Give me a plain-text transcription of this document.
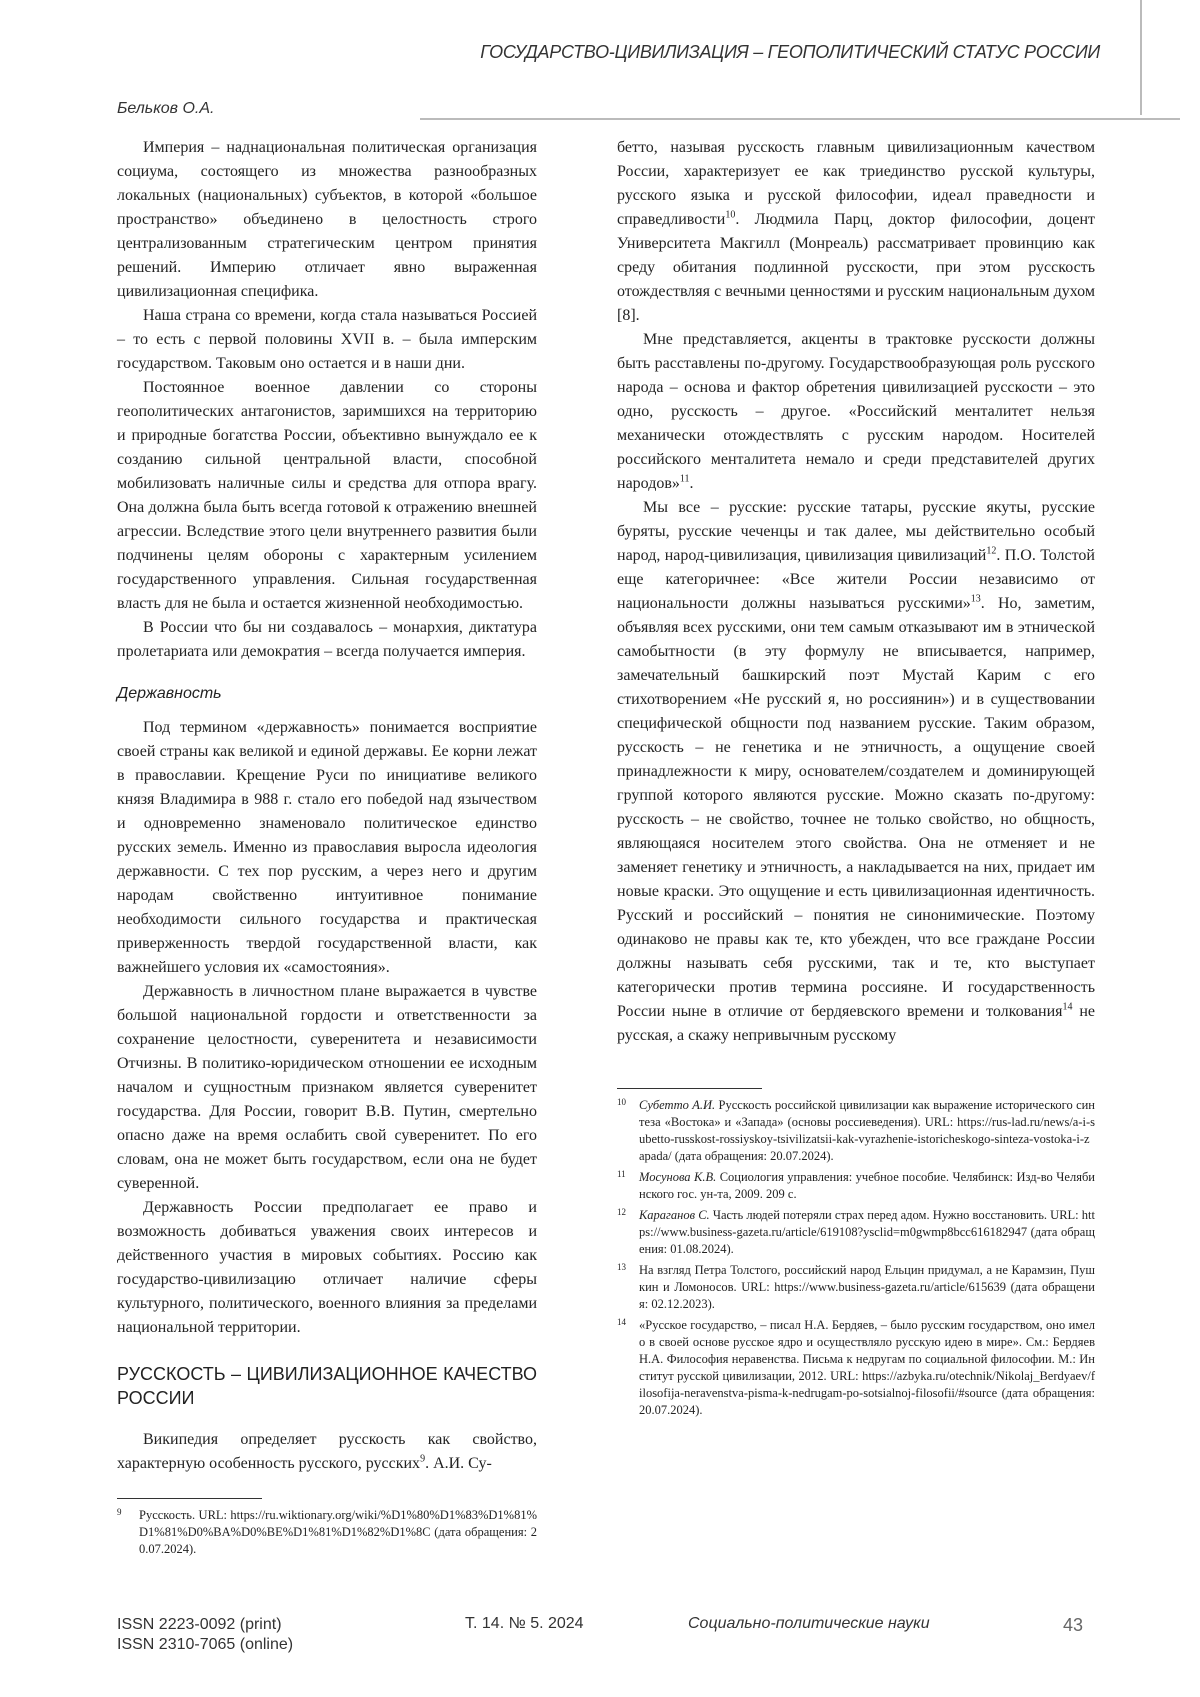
ГОСУДАРСТВО-ЦИВИЛИЗАЦИЯ – ГЕОПОЛИТИЧЕСКИЙ СТАТУС РОССИИ
Бельков О.А.

Империя – наднациональная политическая организация социума, состоящего из множества разнообразных локальных (национальных) субъектов, в которой «большое пространство» объединено в целостность строго централизованным стратегическим центром принятия решений. Империю отличает явно выраженная цивилизационная специфика.

Наша страна со времени, когда стала называться Россией – то есть с первой половины XVII в. – была имперским государством. Таковым оно остается и в наши дни.

Постоянное военное давлении со стороны геополитических антагонистов, заримшихся на территорию и природные богатства России, объективно вынуждало ее к созданию сильной центральной власти, способной мобилизовать наличные силы и средства для отпора врагу. Она должна была быть всегда готовой к отражению внешней агрессии. Вследствие этого цели внутреннего развития были подчинены целям обороны с характерным усилением государственного управления. Сильная государственная власть для не была и остается жизненной необходимостью.

В России что бы ни создавалось – монархия, диктатура пролетариата или демократия – всегда получается империя.

Державность

Под термином «державность» понимается восприятие своей страны как великой и единой державы. Ее корни лежат в православии. Крещение Руси по инициативе великого князя Владимира в 988 г. стало его победой над язычеством и одновременно знаменовало политическое единство русских земель. Именно из православия выросла идеология державности. С тех пор русским, а через него и другим народам свойственно интуитивное понимание необходимости сильного государства и практическая приверженность твердой государственной власти, как важнейшего условия их «самостояния».

Державность в личностном плане выражается в чувстве большой национальной гордости и ответственности за сохранение целостности, суверенитета и независимости Отчизны. В политико-юридическом отношении ее исходным началом и сущностным признаком является суверенитет государства. Для России, говорит В.В. Путин, смертельно опасно даже на время ослабить свой суверенитет. По его словам, она не может быть государством, если она не будет суверенной.

Державность России предполагает ее право и возможность добиваться уважения своих интересов и действенного участия в мировых событиях. Россию как государство-цивилизацию отличает наличие сферы культурного, политического, военного влияния за пределами национальной территории.

РУССКОСТЬ – ЦИВИЛИЗАЦИОННОЕ КАЧЕСТВО РОССИИ

Википедия определяет русскость как свойство, характерную особенность русского, русских9. А.И. Су-

9 Русскость. URL: https://ru.wiktionary.org/wiki/%D1%80%D1%83%D1%81%D1%81%D0%BA%D0%BE%D1%81%D1%82%D1%8C (дата обращения: 20.07.2024).

бетто, называя русскость главным цивилизационным качеством России, характеризует ее как триединство русской культуры, русского языка и русской философии, идеал праведности и справедливости10. Людмила Парц, доктор философии, доцент Университета Макгилл (Монреаль) рассматривает провинцию как среду обитания подлинной русскости, при этом русскость отождествляя с вечными ценностями и русским национальным духом [8].

Мне представляется, акценты в трактовке русскости должны быть расставлены по-другому. Государствообразующая роль русского народа – основа и фактор обретения цивилизацией русскости – это одно, русскость – другое. «Российский менталитет нельзя механически отождествлять с русским народом. Носителей российского менталитета немало и среди представителей других народов»11.

Мы все – русские: русские татары, русские якуты, русские буряты, русские чеченцы и так далее, мы действительно особый народ, народ-цивилизация, цивилизация цивилизаций12. П.О. Толстой еще категоричнее: «Все жители России независимо от национальности должны называться русскими»13. Но, заметим, объявляя всех русскими, они тем самым отказывают им в этнической самобытности (в эту формулу не вписывается, например, замечательный башкирский поэт Мустай Карим с его стихотворением «Не русский я, но россиянин») и в существовании специфической общности под названием русские. Таким образом, русскость – не генетика и не этничность, а ощущение своей принадлежности к миру, основателем/создателем и доминирующей группой которого являются русские. Можно сказать по-другому: русскость – не свойство, точнее не только свойство, но общность, являющаяся носителем этого свойства. Она не отменяет и не заменяет генетику и этничность, а накладывается на них, придает им новые краски. Это ощущение и есть цивилизационная идентичность. Русский и российский – понятия не синонимические. Поэтому одинаково не правы как те, кто убежден, что все граждане России должны называть себя русскими, так и те, кто выступает категорически против термина россияне. И государственность России ныне в отличие от бердяевского времени и толкования14 не русская, а скажу непривычным русскому

10 Субетто А.И. Русскость российской цивилизации как выражение исторического синтеза «Востока» и «Запада» (основы россиеведения). URL: https://rus-lad.ru/news/a-i-subetto-russkost-rossiyskoy-tsivilizatsii-kak-vyrazhenie-istoricheskogo-sinteza-vostoka-i-zapada/ (дата обращения: 20.07.2024).
11 Мосунова К.В. Социология управления: учебное пособие. Челябинск: Изд-во Челябинского гос. ун-та, 2009. 209 с.
12 Караганов С. Часть людей потеряли страх перед адом. Нужно восстановить. URL: https://www.business-gazeta.ru/article/619108?ysclid=m0gwmp8bcc616182947 (дата обращения: 01.08.2024).
13 На взгляд Петра Толстого, российский народ Ельцин придумал, а не Карамзин, Пушкин и Ломоносов. URL: https://www.business-gazeta.ru/article/615639 (дата обращения: 02.12.2023).
14 «Русское государство, – писал Н.А. Бердяев, – было русским государством, оно имело в своей основе русское ядро и осуществляло русскую идею в мире». См.: Бердяев Н.А. Философия неравенства. Письма к недругам по социальной философии. М.: Институт русской цивилизации, 2012. URL: https://azbyka.ru/otechnik/Nikolaj_Berdyaev/filosofija-neravenstva-pisma-k-nedrugam-po-sotsialnoj-filosofii/#source (дата обращения: 20.07.2024).
ISSN 2223-0092 (print)
ISSN 2310-7065 (online)
Т. 14. № 5. 2024	Социально-политические науки	43
